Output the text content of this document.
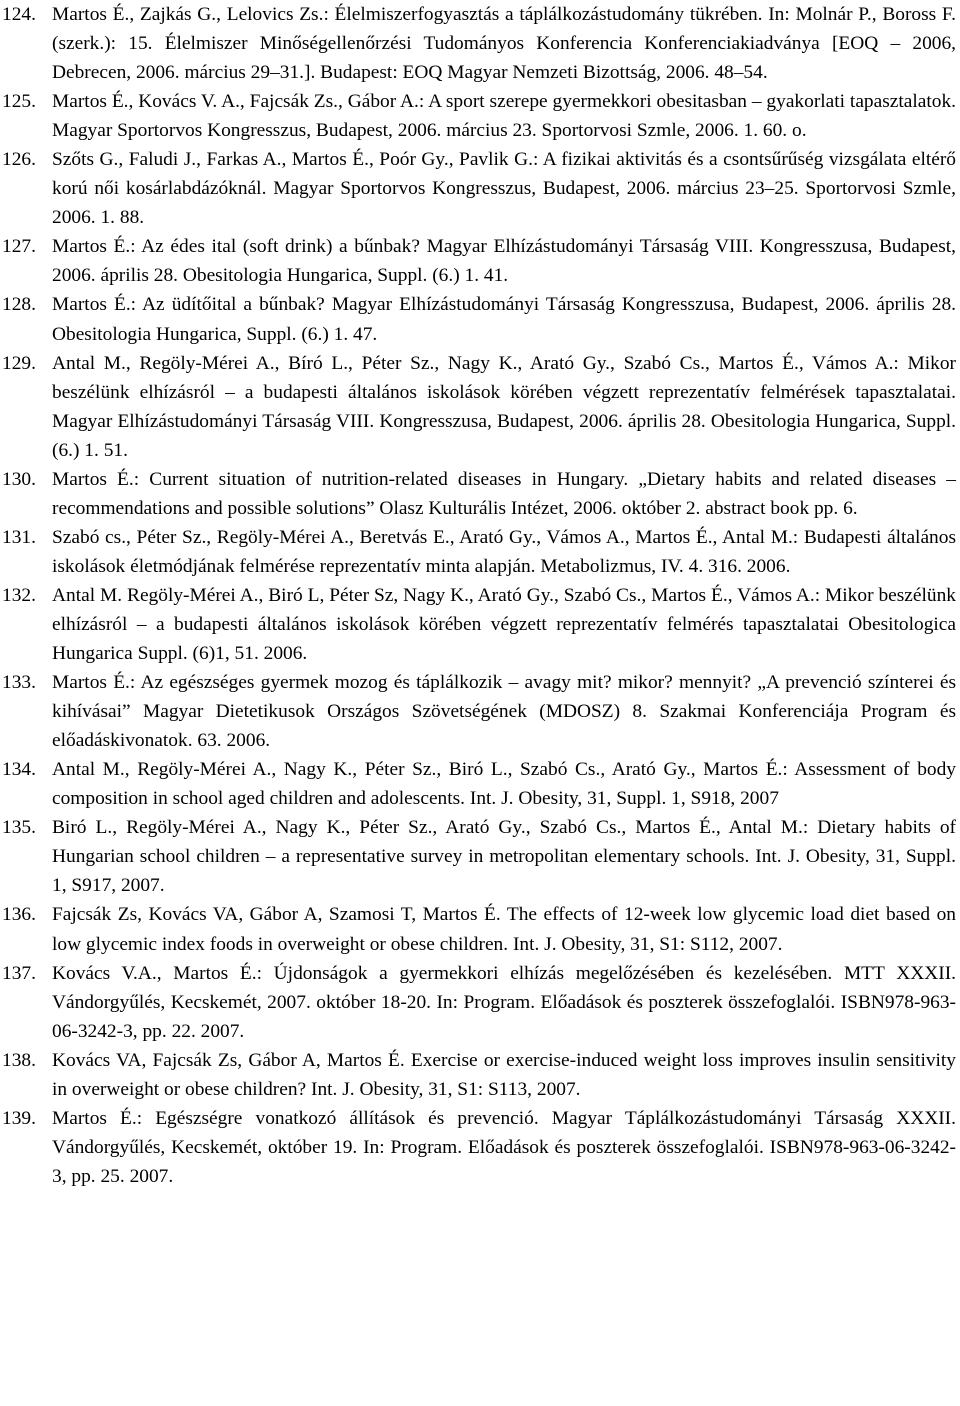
124. Martos É., Zajkás G., Lelovics Zs.: Élelmiszerfogyasztás a táplálkozástudomány tükrében. In: Molnár P., Boross F. (szerk.): 15. Élelmiszer Minőségellenőrzési Tudományos Konferencia Konferenciakiadványa [EOQ – 2006, Debrecen, 2006. március 29–31.]. Budapest: EOQ Magyar Nemzeti Bizottság, 2006. 48–54.
125. Martos É., Kovács V. A., Fajcsák Zs., Gábor A.: A sport szerepe gyermekkori obesitasban – gyakorlati tapasztalatok. Magyar Sportorvos Kongresszus, Budapest, 2006. március 23. Sportorvosi Szmle, 2006. 1. 60. o.
126. Szőts G., Faludi J., Farkas A., Martos É., Poór Gy., Pavlik G.: A fizikai aktivitás és a csontsűrűség vizsgálata eltérő korú női kosárlabdázóknál. Magyar Sportorvos Kongresszus, Budapest, 2006. március 23–25. Sportorvosi Szmle, 2006. 1. 88.
127. Martos É.: Az édes ital (soft drink) a bűnbak? Magyar Elhízástudományi Társaság VIII. Kongresszusa, Budapest, 2006. április 28. Obesitologia Hungarica, Suppl. (6.) 1. 41.
128. Martos É.: Az üdítőital a bűnbak? Magyar Elhízástudományi Társaság Kongresszusa, Budapest, 2006. április 28. Obesitologia Hungarica, Suppl. (6.) 1. 47.
129. Antal M., Regöly-Mérei A., Bíró L., Péter Sz., Nagy K., Arató Gy., Szabó Cs., Martos É., Vámos A.: Mikor beszélünk elhízásról – a budapesti általános iskolások körében végzett reprezentatív felmérések tapasztalatai. Magyar Elhízástudományi Társaság VIII. Kongresszusa, Budapest, 2006. április 28. Obesitologia Hungarica, Suppl. (6.) 1. 51.
130. Martos É.: Current situation of nutrition-related diseases in Hungary. „Dietary habits and related diseases – recommendations and possible solutions” Olasz Kulturális Intézet, 2006. október 2. abstract book pp. 6.
131. Szabó cs., Péter Sz., Regöly-Mérei A., Beretvás E., Arató Gy., Vámos A., Martos É., Antal M.: Budapesti általános iskolások életmódjának felmérése reprezentatív minta alapján. Metabolizmus, IV. 4. 316. 2006.
132. Antal M. Regöly-Mérei A., Biró L, Péter Sz, Nagy K., Arató Gy., Szabó Cs., Martos É., Vámos A.: Mikor beszélünk elhízásról – a budapesti általános iskolások körében végzett reprezentatív felmérés tapasztalatai Obesitologica Hungarica Suppl. (6)1, 51. 2006.
133. Martos É.: Az egészséges gyermek mozog és táplálkozik – avagy mit? mikor? mennyit? „A prevenció színterei és kihívásai” Magyar Dietetikusok Országos Szövetségének (MDOSZ) 8. Szakmai Konferenciája Program és előadáskivonatok. 63. 2006.
134. Antal M., Regöly-Mérei A., Nagy K., Péter Sz., Biró L., Szabó Cs., Arató Gy., Martos É.: Assessment of body composition in school aged children and adolescents. Int. J. Obesity, 31, Suppl. 1, S918, 2007
135. Biró L., Regöly-Mérei A., Nagy K., Péter Sz., Arató Gy., Szabó Cs., Martos É., Antal M.: Dietary habits of Hungarian school children – a representative survey in metropolitan elementary schools. Int. J. Obesity, 31, Suppl. 1, S917, 2007.
136. Fajcsák Zs, Kovács VA, Gábor A, Szamosi T, Martos É. The effects of 12-week low glycemic load diet based on low glycemic index foods in overweight or obese children. Int. J. Obesity, 31, S1: S112, 2007.
137. Kovács V.A., Martos É.: Újdonságok a gyermekkori elhízás megelőzésében és kezelésében. MTT XXXII. Vándorgyűlés, Kecskemét, 2007. október 18-20. In: Program. Előadások és poszterek összefoglalói. ISBN978-963-06-3242-3, pp. 22. 2007.
138. Kovács VA, Fajcsák Zs, Gábor A, Martos É. Exercise or exercise-induced weight loss improves insulin sensitivity in overweight or obese children? Int. J. Obesity, 31, S1: S113, 2007.
139. Martos É.: Egészségre vonatkozó állítások és prevenció. Magyar Táplálkozástudományi Társaság XXXII. Vándorgyűlés, Kecskemét, október 19. In: Program. Előadások és poszterek összefoglalói. ISBN978-963-06-3242-3, pp. 25. 2007.
